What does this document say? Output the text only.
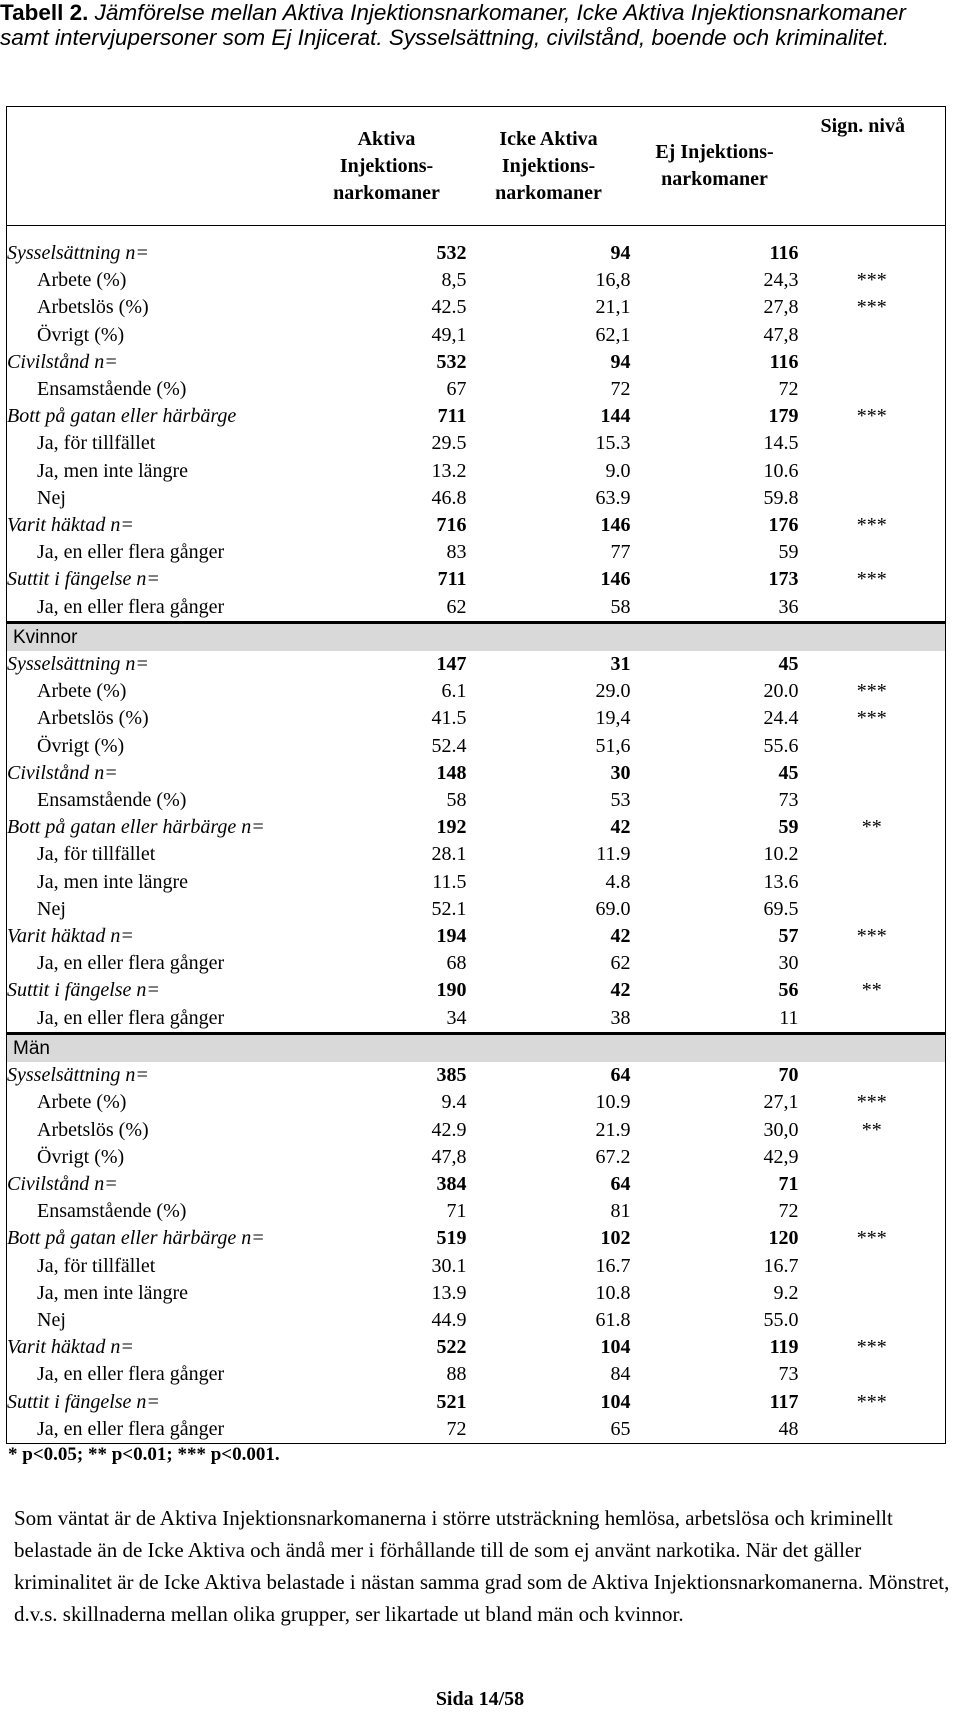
Tabell 2. Jämförelse mellan Aktiva Injektionsnarkomaner, Icke Aktiva Injektionsnarkomaner samt intervjupersoner som Ej Injicerat. Sysselsättning, civilstånd, boende och kriminalitet.

	Aktiva Injektions-narkomaner	Icke Aktiva Injektions-narkomaner	Ej Injektions-narkomaner	Sign. nivå

Sysselsättning n=	532	94	116	
Arbete (%)	8,5	16,8	24,3	***
Arbetslös (%)	42.5	21,1	27,8	***
Övrigt (%)	49,1	62,1	47,8	
Civilstånd n=	532	94	116	
Ensamstående (%)	67	72	72	
Bott på gatan eller härbärge	711	144	179	***
Ja, för tillfället	29.5	15.3	14.5	
Ja, men inte längre	13.2	9.0	10.6	
Nej	46.8	63.9	59.8	
Varit häktad n=	716	146	176	***
Ja, en eller flera gånger	83	77	59	
Suttit i fängelse n=	711	146	173	***
Ja, en eller flera gånger	62	58	36	
Kvinnor				
Sysselsättning n=	147	31	45	
Arbete (%)	6.1	29.0	20.0	***
Arbetslös (%)	41.5	19,4	24.4	***
Övrigt (%)	52.4	51,6	55.6	
Civilstånd n=	148	30	45	
Ensamstående (%)	58	53	73	
Bott på gatan eller härbärge n=	192	42	59	**
Ja, för tillfället	28.1	11.9	10.2	
Ja, men inte längre	11.5	4.8	13.6	
Nej	52.1	69.0	69.5	
Varit häktad n=	194	42	57	***
Ja, en eller flera gånger	68	62	30	
Suttit i fängelse n=	190	42	56	**
Ja, en eller flera gånger	34	38	11	
Män				
Sysselsättning n=	385	64	70	
Arbete (%)	9.4	10.9	27,1	***
Arbetslös (%)	42.9	21.9	30,0	**
Övrigt (%)	47,8	67.2	42,9	
Civilstånd n=	384	64	71	
Ensamstående (%)	71	81	72	
Bott på gatan eller härbärge n=	519	102	120	***
Ja, för tillfället	30.1	16.7	16.7	
Ja, men inte längre	13.9	10.8	9.2	
Nej	44.9	61.8	55.0	
Varit häktad n=	522	104	119	***
Ja, en eller flera gånger	88	84	73	
Suttit i fängelse n=	521	104	117	***
Ja, en eller flera gånger	72	65	48	
* p<0.05; ** p<0.01; *** p<0.001.
Som väntat är de Aktiva Injektionsnarkomanerna i större utsträckning hemlösa, arbetslösa och kriminellt belastade än de Icke Aktiva och ändå mer i förhållande till de som ej använt narkotika. När det gäller kriminalitet är de Icke Aktiva belastade i nästan samma grad som de Aktiva Injektionsnarkomanerna. Mönstret, d.v.s. skillnaderna mellan olika grupper, ser likartade ut bland män och kvinnor.
Sida 14/58
